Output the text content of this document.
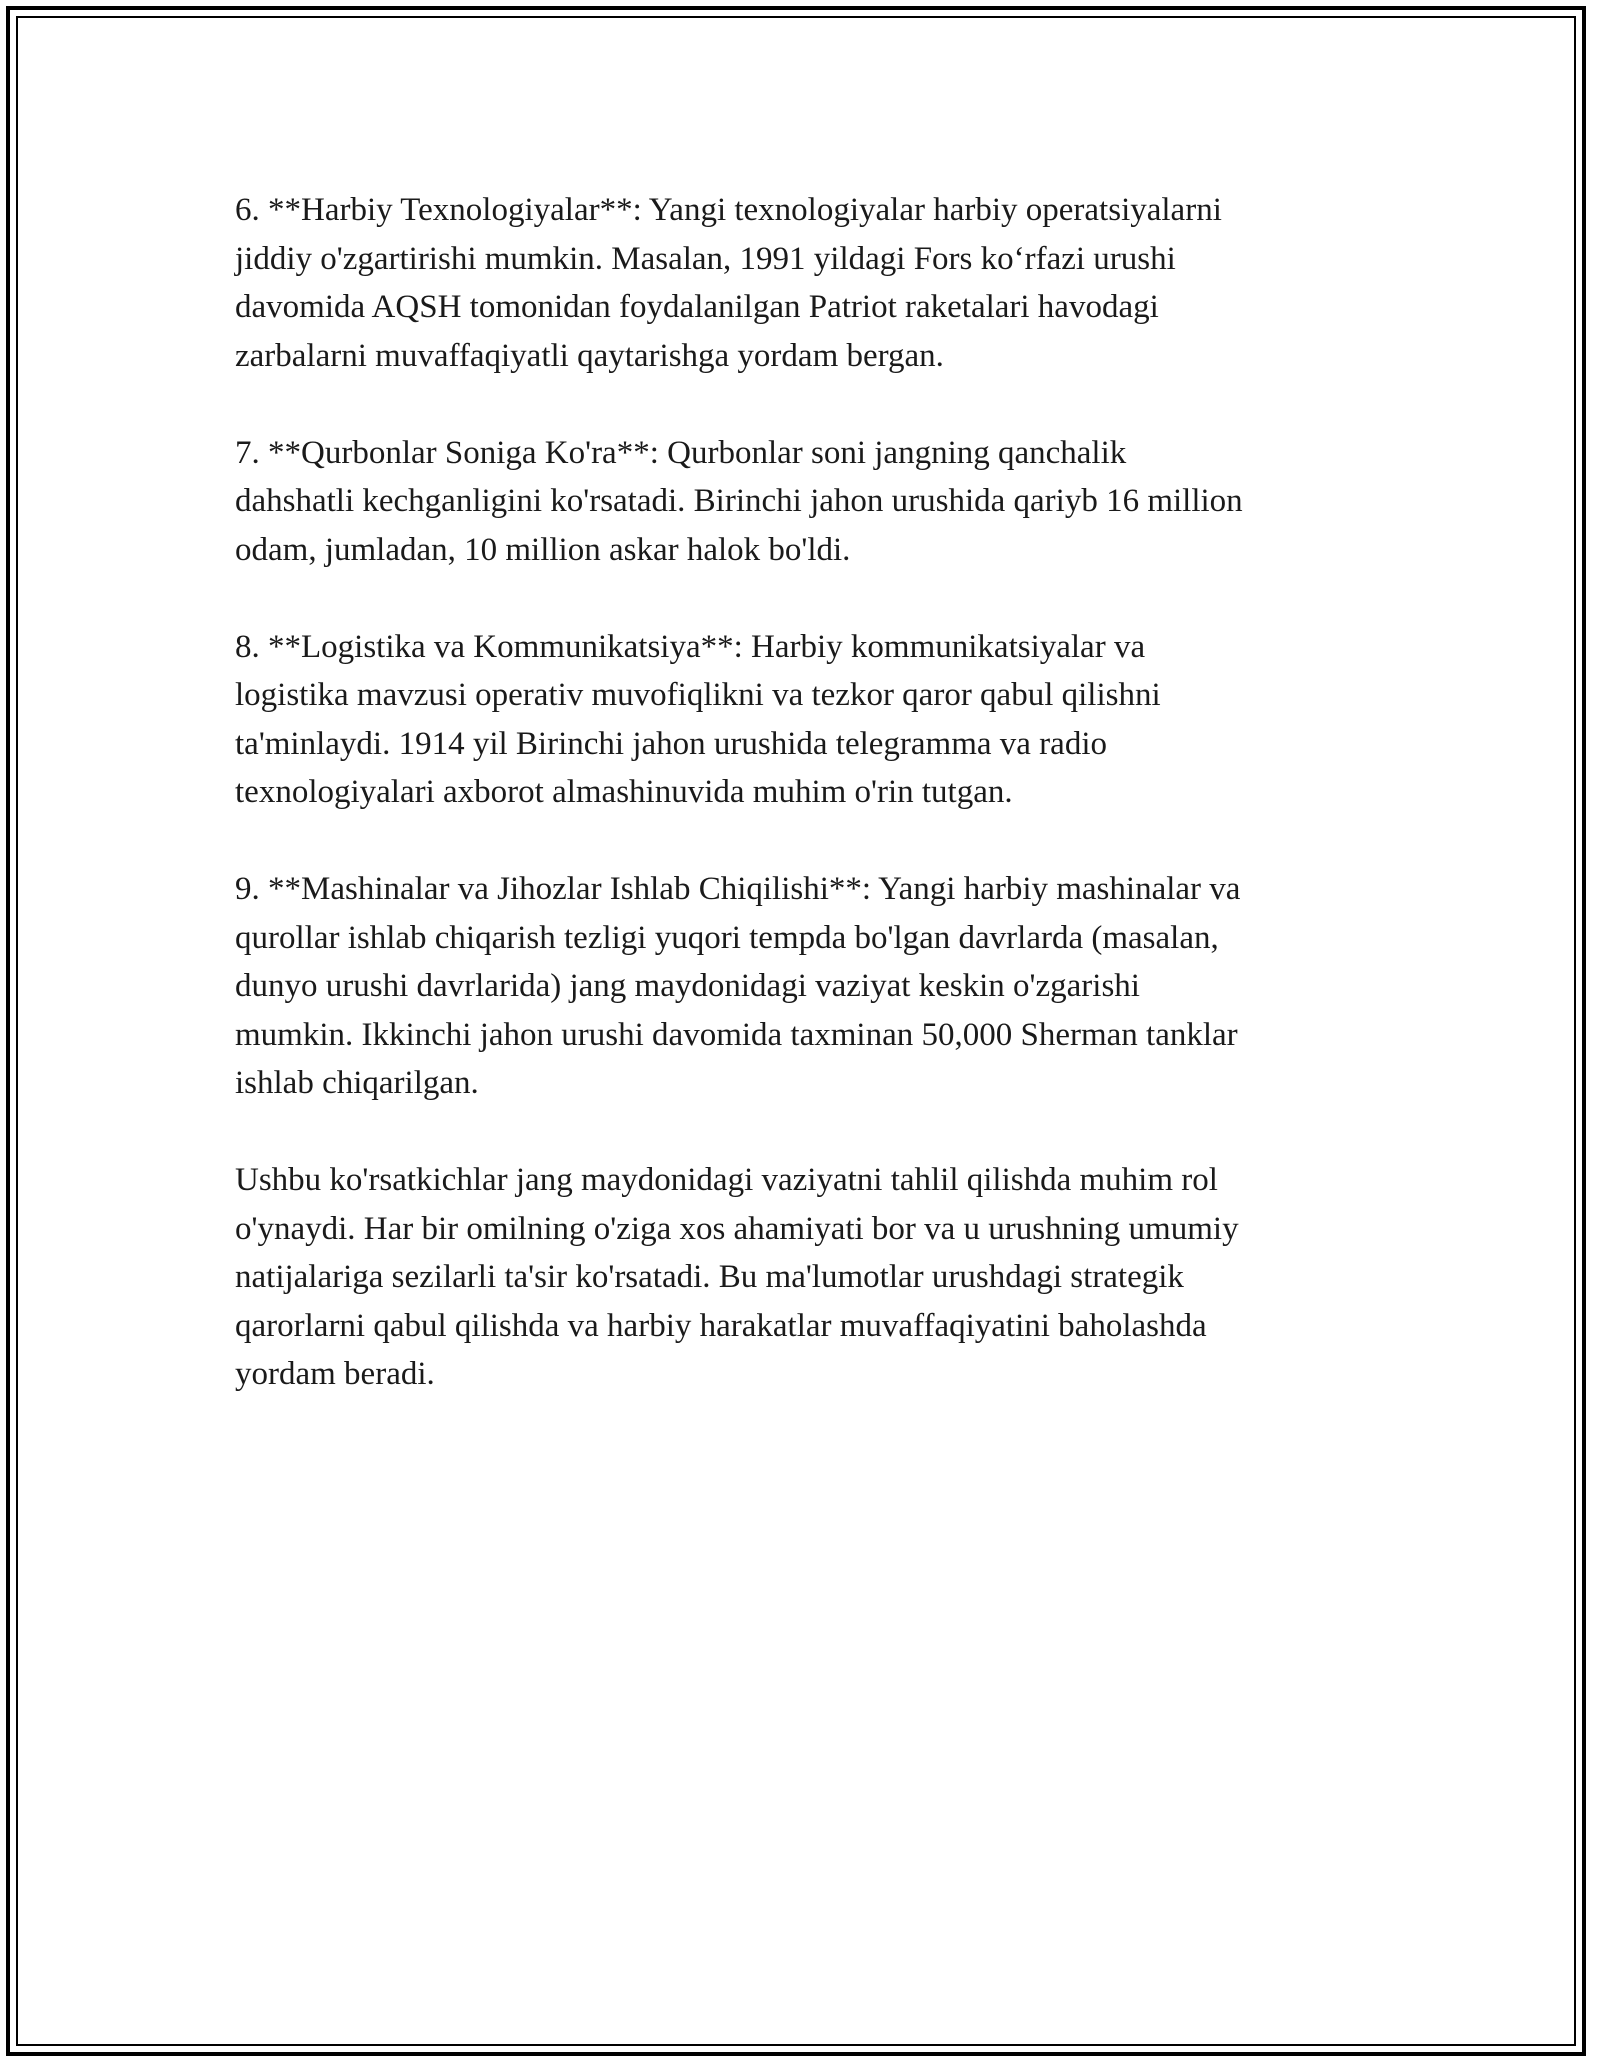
6. **Harbiy Texnologiyalar**: Yangi texnologiyalar harbiy operatsiyalarni
jiddiy o'zgartirishi mumkin. Masalan, 1991 yildagi Fors koʻrfazi urushi
davomida AQSH tomonidan foydalanilgan Patriot raketalari havodagi
zarbalarni muvaffaqiyatli qaytarishga yordam bergan.

7. **Qurbonlar Soniga Ko'ra**: Qurbonlar soni jangning qanchalik
dahshatli kechganligini ko'rsatadi. Birinchi jahon urushida qariyb 16 million
odam, jumladan, 10 million askar halok bo'ldi.

8. **Logistika va Kommunikatsiya**: Harbiy kommunikatsiyalar va
logistika mavzusi operativ muvofiqlikni va tezkor qaror qabul qilishni
ta'minlaydi. 1914 yil Birinchi jahon urushida telegramma va radio
texnologiyalari axborot almashinuvida muhim o'rin tutgan.

9. **Mashinalar va Jihozlar Ishlab Chiqilishi**: Yangi harbiy mashinalar va
qurollar ishlab chiqarish tezligi yuqori tempda bo'lgan davrlarda (masalan,
dunyo urushi davrlarida) jang maydonidagi vaziyat keskin o'zgarishi
mumkin. Ikkinchi jahon urushi davomida taxminan 50,000 Sherman tanklar
ishlab chiqarilgan.

Ushbu ko'rsatkichlar jang maydonidagi vaziyatni tahlil qilishda muhim rol
o'ynaydi. Har bir omilning o'ziga xos ahamiyati bor va u urushning umumiy
natijalariga sezilarli ta'sir ko'rsatadi. Bu ma'lumotlar urushdagi strategik
qarorlarni qabul qilishda va harbiy harakatlar muvaffaqiyatini baholashda
yordam beradi.
